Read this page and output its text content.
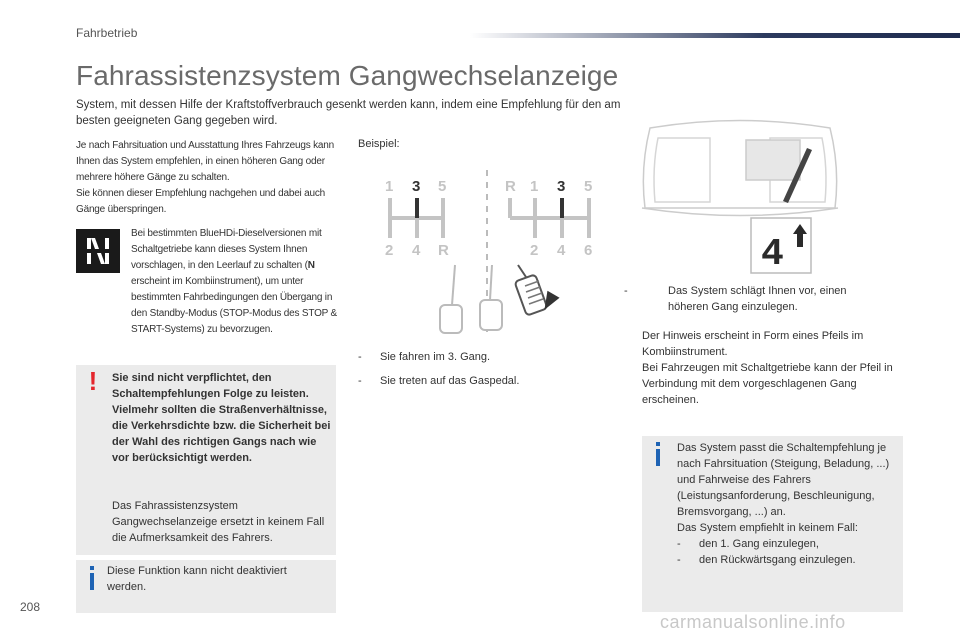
Fahrbetrieb
Fahrassistenzsystem Gangwechselanzeige
System, mit dessen Hilfe der Kraftstoffverbrauch gesenkt werden kann, indem eine Empfehlung für den am besten geeigneten Gang gegeben wird.

Je nach Fahrsituation und Ausstattung Ihres Fahrzeugs kann Ihnen das System empfehlen, in einen höheren Gang oder mehrere höhere Gänge zu schalten.

Sie können dieser Empfehlung nachgehen und dabei auch Gänge überspringen.

Bei bestimmten BlueHDi-Dieselversionen mit Schaltgetriebe kann dieses System Ihnen vorschlagen, in den Leerlauf zu schalten (N erscheint im Kombiinstrument), um unter bestimmten Fahrbedingungen den Übergang in den Standby-Modus (STOP-Modus des STOP & START-Systems) zu bevorzugen.
! Sie sind nicht verpflichtet, den Schaltempfehlungen Folge zu leisten. Vielmehr sollten die Straßenverhältnisse, die Verkehrsdichte bzw. die Sicherheit bei der Wahl des richtigen Gangs nach wie vor berücksichtigt werden.
Das Fahrassistenzsystem Gangwechselanzeige ersetzt in keinem Fall die Aufmerksamkeit des Fahrers.
Diese Funktion kann nicht deaktiviert werden.
Beispiel:
1 3 5
2 4 R
R 1 3 5
2 4 6
- Sie fahren im 3. Gang.
- Sie treten auf das Gaspedal.
4
-	Das System schlägt Ihnen vor, einen höheren Gang einzulegen.

Der Hinweis erscheint in Form eines Pfeils im Kombiinstrument.

Bei Fahrzeugen mit Schaltgetriebe kann der Pfeil in Verbindung mit dem vorgeschlagenen Gang erscheinen.

Das System passt die Schaltempfehlung je nach Fahrsituation (Steigung, Beladung, ...) und Fahrweise des Fahrers (Leistungsanforderung, Beschleunigung, Bremsvorgang, ...) an.

Das System empfiehlt in keinem Fall:

- den 1. Gang einzulegen,

- den Rückwärtsgang einzulegen.

208
carmanualsonline.info
